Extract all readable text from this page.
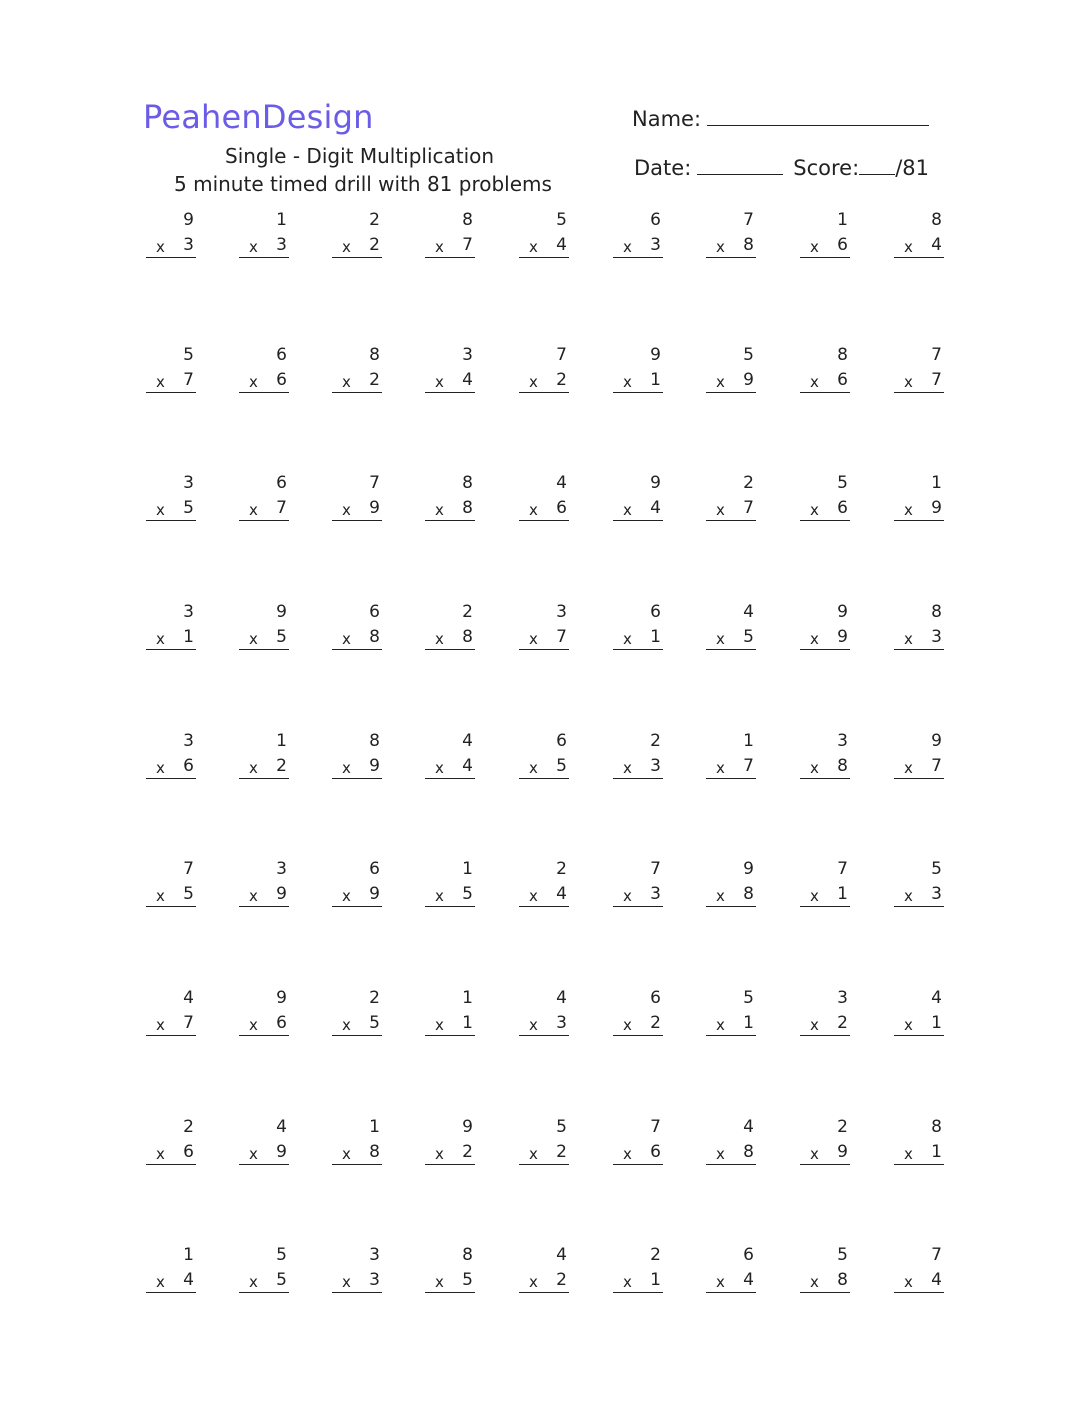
PeahenDesign
Single - Digit Multiplication
5 minute timed drill with 81 problems
Name:
Date:	Score: /81
9
x 3
1
x 3
2
x 2
8
x 7
5
x 4
6
x 3
7
x 8
1
x 6
8
x 4
5
x 7
6
x 6
8
x 2
3
x 4
7
x 2
9
x 1
5
x 9
8
x 6
7
x 7
3
x 5
6
x 7
7
x 9
8
x 8
4
x 6
9
x 4
2
x 7
5
x 6
1
x 9
3
x 1
9
x 5
6
x 8
2
x 8
3
x 7
6
x 1
4
x 5
9
x 9
8
x 3
3
x 6
1
x 2
8
x 9
4
x 4
6
x 5
2
x 3
1
x 7
3
x 8
9
x 7
7
x 5
3
x 9
6
x 9
1
x 5
2
x 4
7
x 3
9
x 8
7
x 1
5
x 3
4
x 7
9
x 6
2
x 5
1
x 1
4
x 3
6
x 2
5
x 1
3
x 2
4
x 1
2
x 6
4
x 9
1
x 8
9
x 2
5
x 2
7
x 6
4
x 8
2
x 9
8
x 1
1
x 4
5
x 5
3
x 3
8
x 5
4
x 2
2
x 1
6
x 4
5
x 8
7
x 4
